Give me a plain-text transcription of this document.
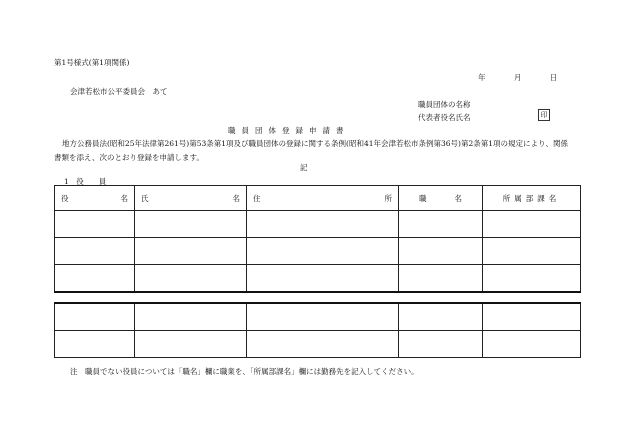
第1号様式(第1項関係)
年	月	日
会津若松市公平委員会　あて
職員団体の名称
代表者役名氏名	印
職員団体登録申請書

地方公務員法(昭和25年法律第261号)第53条第1項及び職員団体の登録に関する条例(昭和41年会津若松市条例第36号)第2条第1項の規定により、関係書類を添え、次のとおり登録を申請します。

記
1　役　　員
役 名	氏 名	住 所	職 名	所属部課名

注　職員でない役員については「職名」欄に職業を、「所属部課名」欄には勤務先を記入してください。
